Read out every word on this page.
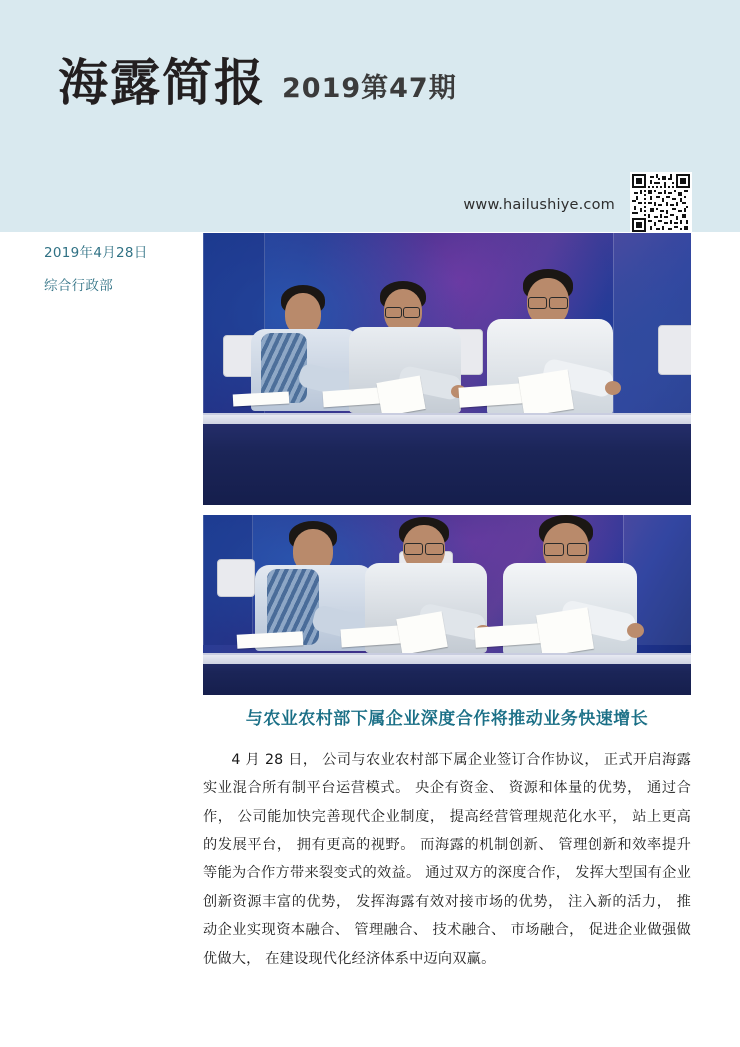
海露简报 2019第47期
www.hailushiye.com
2019年4月28日
综合行政部
与农业农村部下属企业深度合作将推动业务快速增长

4 月 28 日， 公司与农业农村部下属企业签订合作协议， 正式开启海露实业混合所有制平台运营模式。 央企有资金、 资源和体量的优势， 通过合作， 公司能加快完善现代企业制度， 提高经营管理规范化水平， 站上更高的发展平台， 拥有更高的视野。 而海露的机制创新、 管理创新和效率提升等能为合作方带来裂变式的效益。 通过双方的深度合作， 发挥大型国有企业创新资源丰富的优势， 发挥海露有效对接市场的优势， 注入新的活力， 推动企业实现资本融合、 管理融合、 技术融合、 市场融合， 促进企业做强做优做大， 在建设现代化经济体系中迈向双赢。
